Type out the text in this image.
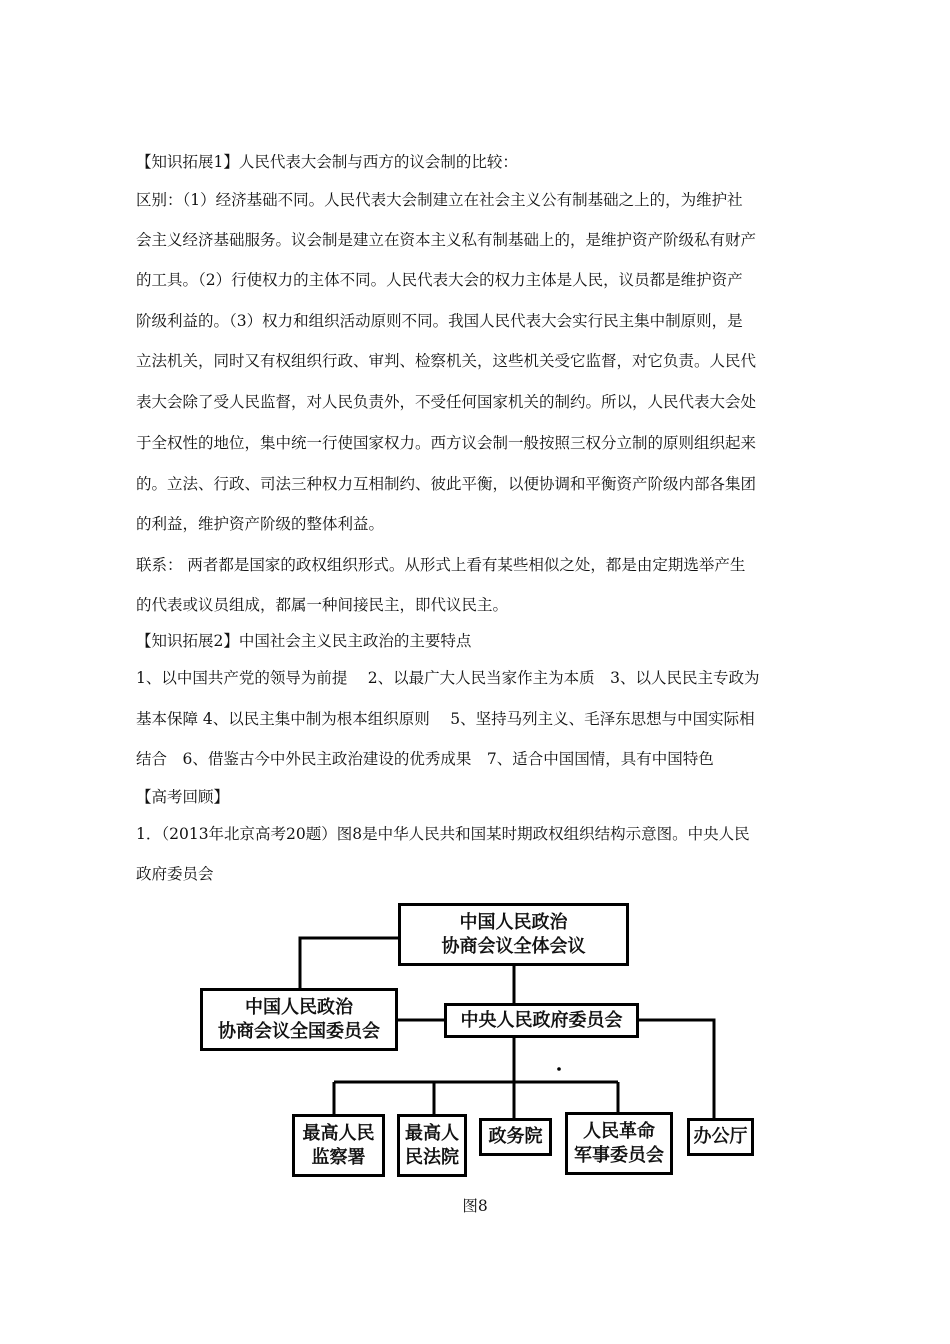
【知识拓展1】人民代表大会制与西方的议会制的比较：
区别：（1）经济基础不同。人民代表大会制建立在社会主义公有制基础之上的，为维护社
会主义经济基础服务。议会制是建立在资本主义私有制基础上的，是维护资产阶级私有财产
的工具。（2）行使权力的主体不同。人民代表大会的权力主体是人民，议员都是维护资产
阶级利益的。（3）权力和组织活动原则不同。我国人民代表大会实行民主集中制原则，是
立法机关，同时又有权组织行政、审判、检察机关，这些机关受它监督，对它负责。人民代
表大会除了受人民监督，对人民负责外，不受任何国家机关的制约。所以，人民代表大会处
于全权性的地位，集中统一行使国家权力。西方议会制一般按照三权分立制的原则组织起来
的。立法、行政、司法三种权力互相制约、彼此平衡，以便协调和平衡资产阶级内部各集团
的利益，维护资产阶级的整体利益。
联系： 两者都是国家的政权组织形式。从形式上看有某些相似之处，都是由定期选举产生
的代表或议员组成，都属一种间接民主，即代议民主。
【知识拓展2】中国社会主义民主政治的主要特点
1、以中国共产党的领导为前提　 2、以最广大人民当家作主为本质　3、以人民民主专政为
基本保障 4、以民主集中制为根本组织原则　 5、坚持马列主义、毛泽东思想与中国实际相
结合　6、借鉴古今中外民主政治建设的优秀成果　7、适合中国国情，具有中国特色
【高考回顾】
1．（2013年北京高考20题）图8是中华人民共和国某时期政权组织结构示意图。中央人民
政府委员会
中国人民政治
协商会议全体会议
中国人民政治
协商会议全国委员会
中央人民政府委员会
办公厅
最高人民
监察署
最高人
民法院
政务院	人民革命
军事委员会
图8
